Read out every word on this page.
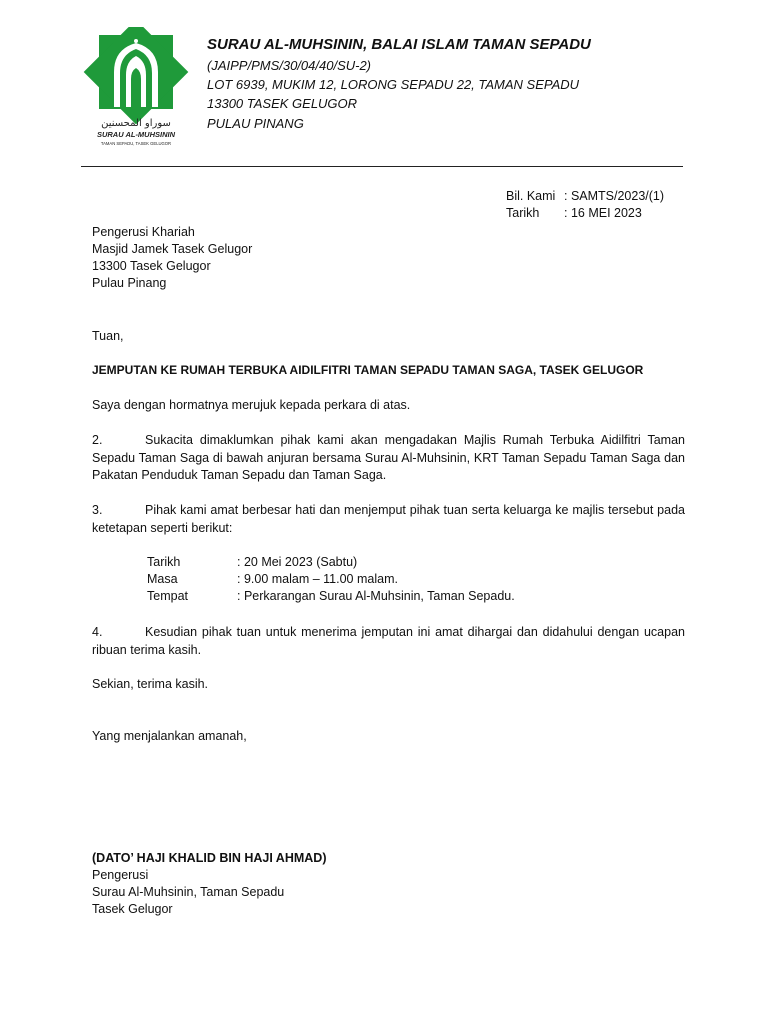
سوراو المحسنين
SURAU AL-MUHSININ
TAMAN SEPADU, TASEK GELUGOR
SURAU AL-MUHSININ, BALAI ISLAM TAMAN SEPADU
(JAIPP/PMS/30/04/40/SU-2)
LOT 6939, MUKIM 12, LORONG SEPADU 22, TAMAN SEPADU
13300 TASEK GELUGOR
PULAU PINANG
Bil. Kami : SAMTS/2023/(1)
Tarikh : 16 MEI 2023
Pengerusi Khariah
Masjid Jamek Tasek Gelugor
13300 Tasek Gelugor
Pulau Pinang
Tuan,
JEMPUTAN KE RUMAH TERBUKA AIDILFITRI TAMAN SEPADU TAMAN SAGA, TASEK GELUGOR
Saya dengan hormatnya merujuk kepada perkara di atas.
2.	Sukacita dimaklumkan pihak kami akan mengadakan Majlis Rumah Terbuka Aidilfitri Taman Sepadu Taman Saga di bawah anjuran bersama Surau Al-Muhsinin, KRT Taman Sepadu Taman Saga dan Pakatan Penduduk Taman Sepadu dan Taman Saga.
3.	Pihak kami amat berbesar hati dan menjemput pihak tuan serta keluarga ke majlis tersebut pada ketetapan seperti berikut:
Tarikh	: 20 Mei 2023 (Sabtu)
Masa	: 9.00 malam – 11.00 malam.
Tempat	: Perkarangan Surau Al-Muhsinin, Taman Sepadu.
4.	Kesudian pihak tuan untuk menerima jemputan ini amat dihargai dan didahului dengan ucapan ribuan terima kasih.
Sekian, terima kasih.
Yang menjalankan amanah,
(DATO’ HAJI KHALID BIN HAJI AHMAD)
Pengerusi
Surau Al-Muhsinin, Taman Sepadu
Tasek Gelugor
